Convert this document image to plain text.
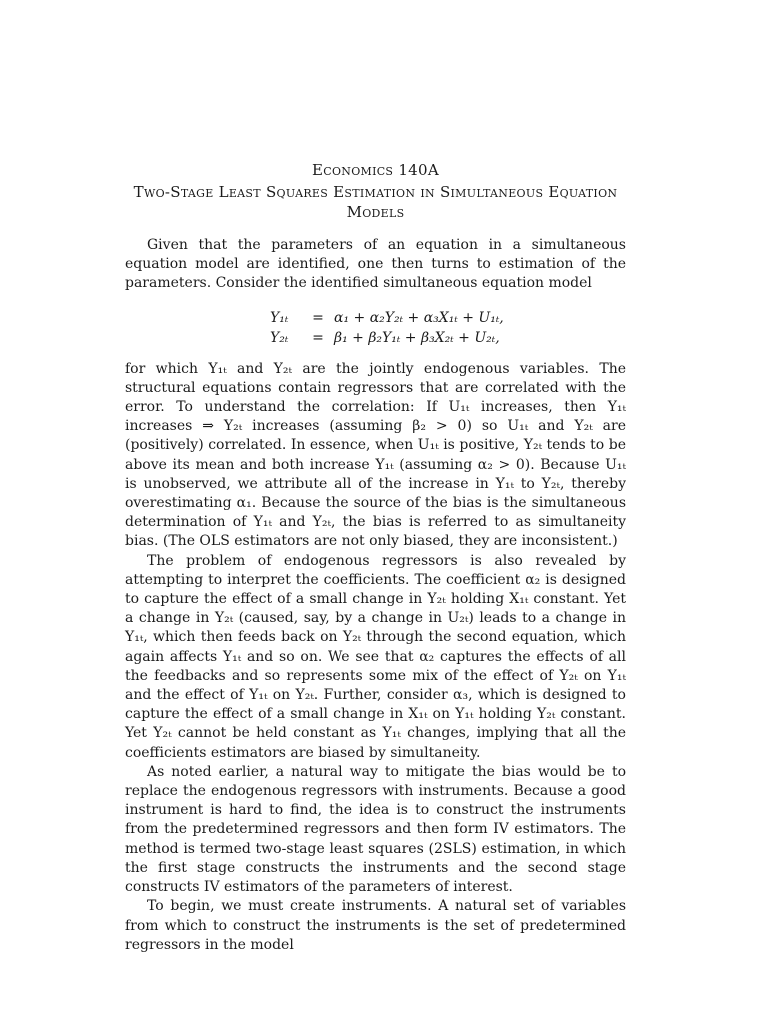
Economics 140A
Two-Stage Least Squares Estimation in Simultaneous Equation Models

Given that the parameters of an equation in a simultaneous equation model are identified, one then turns to estimation of the parameters. Consider the identified simultaneous equation model

Y₁ₜ	= α₁ + α₂Y₂ₜ + α₃X₁ₜ + U₁ₜ,
Y₂ₜ	= β₁ + β₂Y₁ₜ + β₃X₂ₜ + U₂ₜ,

for which Y₁ₜ and Y₂ₜ are the jointly endogenous variables. The structural equations contain regressors that are correlated with the error. To understand the correlation: If U₁ₜ increases, then Y₁ₜ increases ⇒ Y₂ₜ increases (assuming β₂ > 0) so U₁ₜ and Y₂ₜ are (positively) correlated. In essence, when U₁ₜ is positive, Y₂ₜ tends to be above its mean and both increase Y₁ₜ (assuming α₂ > 0). Because U₁ₜ is unobserved, we attribute all of the increase in Y₁ₜ to Y₂ₜ, thereby overestimating α₁. Because the source of the bias is the simultaneous determination of Y₁ₜ and Y₂ₜ, the bias is referred to as simultaneity bias. (The OLS estimators are not only biased, they are inconsistent.)

The problem of endogenous regressors is also revealed by attempting to interpret the coefficients. The coefficient α₂ is designed to capture the effect of a small change in Y₂ₜ holding X₁ₜ constant. Yet a change in Y₂ₜ (caused, say, by a change in U₂ₜ) leads to a change in Y₁ₜ, which then feeds back on Y₂ₜ through the second equation, which again affects Y₁ₜ and so on. We see that α₂ captures the effects of all the feedbacks and so represents some mix of the effect of Y₂ₜ on Y₁ₜ and the effect of Y₁ₜ on Y₂ₜ. Further, consider α₃, which is designed to capture the effect of a small change in X₁ₜ on Y₁ₜ holding Y₂ₜ constant. Yet Y₂ₜ cannot be held constant as Y₁ₜ changes, implying that all the coefficients estimators are biased by simultaneity.

As noted earlier, a natural way to mitigate the bias would be to replace the endogenous regressors with instruments. Because a good instrument is hard to find, the idea is to construct the instruments from the predetermined regressors and then form IV estimators. The method is termed two-stage least squares (2SLS) estimation, in which the first stage constructs the instruments and the second stage constructs IV estimators of the parameters of interest.

To begin, we must create instruments. A natural set of variables from which to construct the instruments is the set of predetermined regressors in the model
